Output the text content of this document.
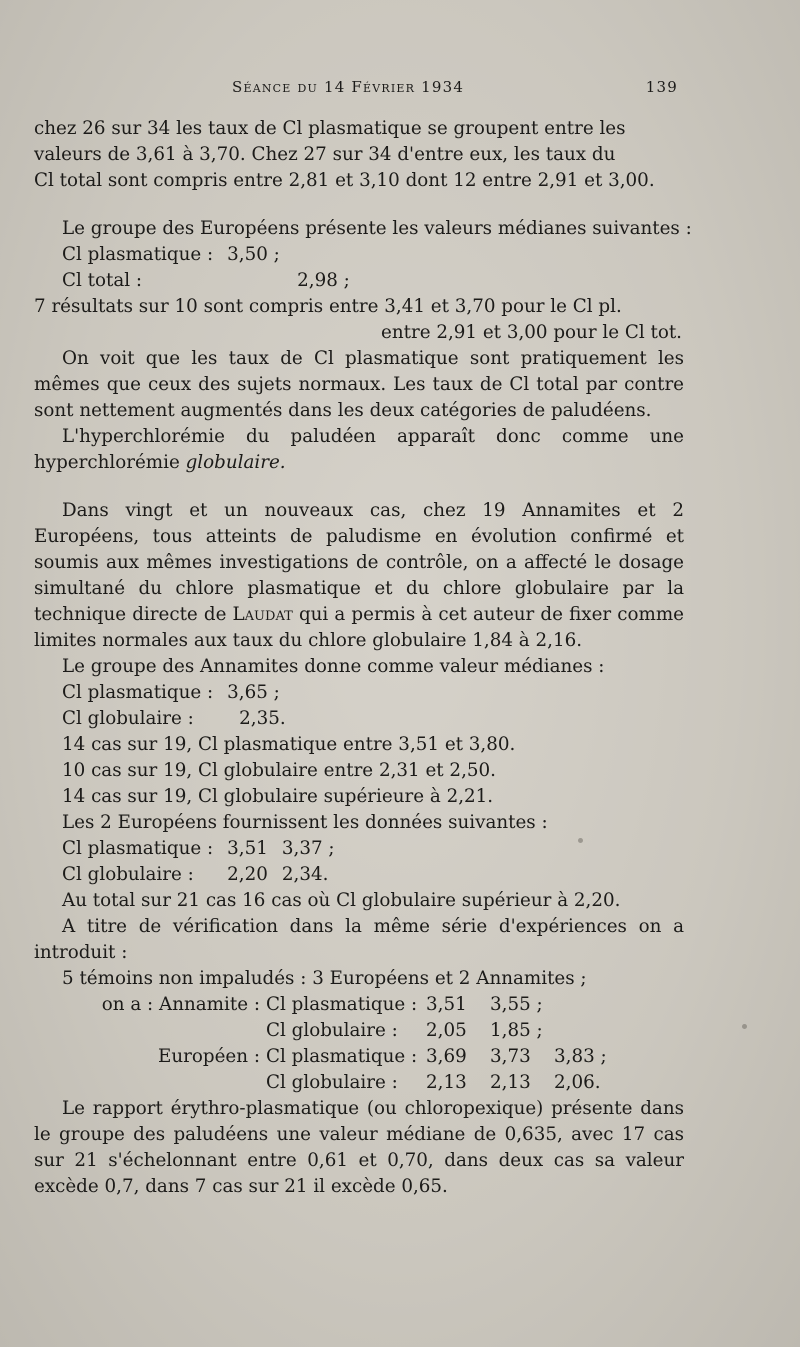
Séance du 14 Février 1934	139
chez 26 sur 34 les taux de Cl plasmatique se groupent entre les
valeurs de 3,61 à 3,70. Chez 27 sur 34 d'entre eux, les taux du
Cl total sont compris entre 2,81 et 3,10 dont 12 entre 2,91 et 3,00.
Le groupe des Européens présente les valeurs médianes suivantes :
Cl plasmatique :	3,50 ;
Cl total :	2,98 ;
7 résultats sur 10 sont compris entre 3,41 et 3,70 pour le Cl pl.
entre 2,91 et 3,00 pour le Cl tot.

On voit que les taux de Cl plasmatique sont pratiquement les mêmes que ceux des sujets normaux. Les taux de Cl total par contre sont nettement augmentés dans les deux catégories de paludéens.

L'hyperchlorémie du paludéen apparaît donc comme une hyperchlorémie globulaire.

Dans vingt et un nouveaux cas, chez 19 Annamites et 2 Européens, tous atteints de paludisme en évolution confirmé et soumis aux mêmes investigations de contrôle, on a affecté le dosage simultané du chlore plasmatique et du chlore globulaire par la technique directe de Laudat qui a permis à cet auteur de fixer comme limites normales aux taux du chlore globulaire 1,84 à 2,16.

Le groupe des Annamites donne comme valeur médianes :
Cl plasmatique :	3,65 ;
Cl globulaire :	2,35.
14 cas sur 19, Cl plasmatique entre 3,51 et 3,80.
10 cas sur 19, Cl globulaire entre 2,31 et 2,50.
14 cas sur 19, Cl globulaire supérieure à 2,21.
Les 2 Européens fournissent les données suivantes :
Cl plasmatique :	3,51	3,37 ;
Cl globulaire :	2,20	2,34.
Au total sur 21 cas 16 cas où Cl globulaire supérieur à 2,20.

A titre de vérification dans la même série d'expériences on a introduit :

5 témoins non impaludés : 3 Européens et 2 Annamites ;
on a : Annamite :	Cl plasmatique :	3,51	3,55 ;	
	Cl globulaire :	2,05	1,85 ;	
Européen :	Cl plasmatique :	3,69	3,73	3,83 ;
	Cl globulaire :	2,13	2,13	2,06.

Le rapport érythro-plasmatique (ou chloropexique) présente dans le groupe des paludéens une valeur médiane de 0,635, avec 17 cas sur 21 s'échelonnant entre 0,61 et 0,70, dans deux cas sa valeur excède 0,7, dans 7 cas sur 21 il excède 0,65.
